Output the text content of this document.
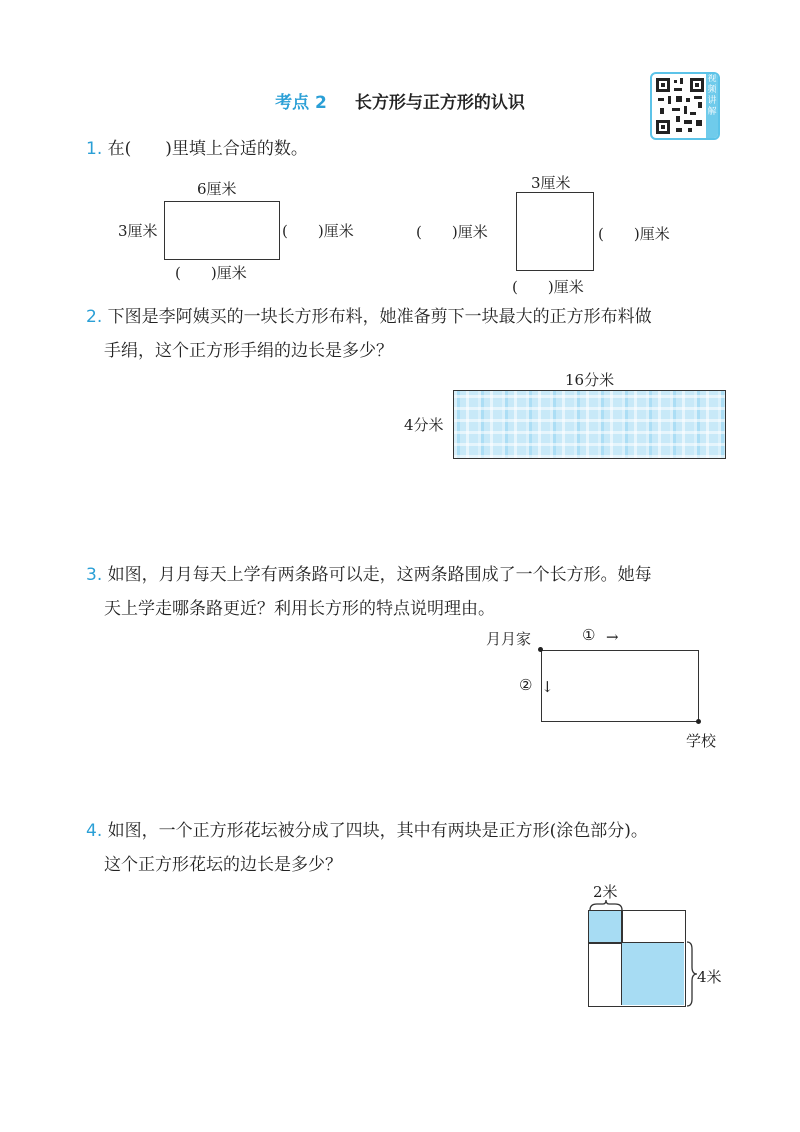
考点 2 长方形与正方形的认识
视频讲解
1. 在(　　)里填上合适的数。
6厘米
3厘米	(　　)厘米
(　　)厘米
3厘米
(　　)厘米	(　　)厘米
(　　)厘米
2. 下图是李阿姨买的一块长方形布料，她准备剪下一块最大的正方形布料做
手绢，这个正方形手绢的边长是多少？
16分米
4分米
3. 如图，月月每天上学有两条路可以走，这两条路围成了一个长方形。她每
天上学走哪条路更近？利用长方形的特点说明理由。
月月家	① →
② ↓
学校
4. 如图，一个正方形花坛被分成了四块，其中有两块是正方形(涂色部分)。
这个正方形花坛的边长是多少？
2米
4米
